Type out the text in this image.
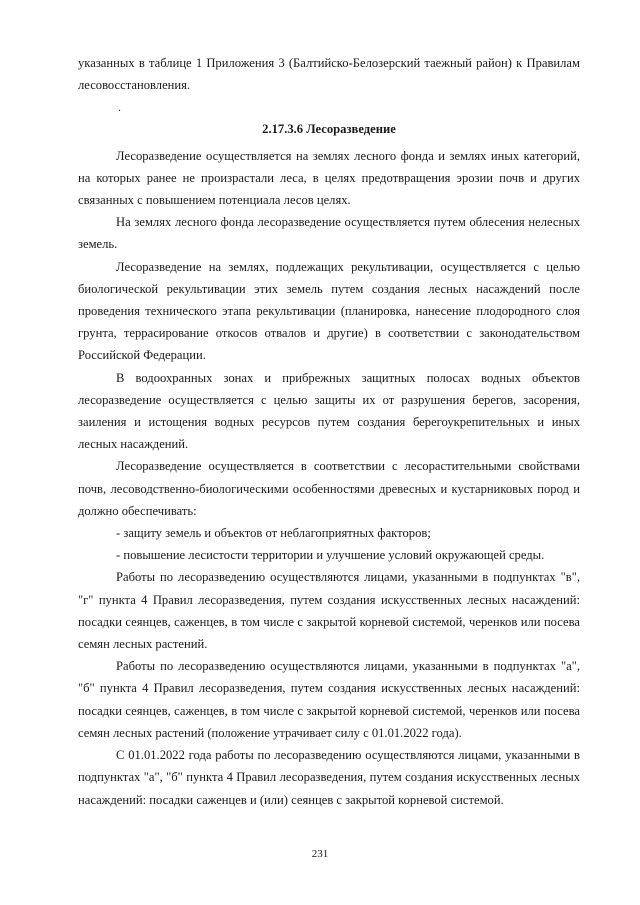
указанных в таблице 1 Приложения 3 (Балтийско-Белозерский таежный район) к Правилам лесовосстановления.

.

2.17.3.6 Лесоразведение

Лесоразведение осуществляется на землях лесного фонда и землях иных категорий, на которых ранее не произрастали леса, в целях предотвращения эрозии почв и других связанных с повышением потенциала лесов целях.

На землях лесного фонда лесоразведение осуществляется путем облесения нелесных земель.

Лесоразведение на землях, подлежащих рекультивации, осуществляется с целью биологической рекультивации этих земель путем создания лесных насаждений после проведения технического этапа рекультивации (планировка, нанесение плодородного слоя грунта, террасирование откосов отвалов и другие) в соответствии с законодательством Российской Федерации.

В водоохранных зонах и прибрежных защитных полосах водных объектов лесоразведение осуществляется с целью защиты их от разрушения берегов, засорения, заиления и истощения водных ресурсов путем создания берегоукрепительных и иных лесных насаждений.

Лесоразведение осуществляется в соответствии с лесорастительными свойствами почв, лесоводственно-биологическими особенностями древесных и кустарниковых пород и должно обеспечивать:

- защиту земель и объектов от неблагоприятных факторов;

- повышение лесистости территории и улучшение условий окружающей среды.

Работы по лесоразведению осуществляются лицами, указанными в подпунктах "в", "г" пункта 4 Правил лесоразведения, путем создания искусственных лесных насаждений: посадки сеянцев, саженцев, в том числе с закрытой корневой системой, черенков или посева семян лесных растений.

Работы по лесоразведению осуществляются лицами, указанными в подпунктах "а", "б" пункта 4 Правил лесоразведения, путем создания искусственных лесных насаждений: посадки сеянцев, саженцев, в том числе с закрытой корневой системой, черенков или посева семян лесных растений (положение утрачивает силу с 01.01.2022 года).

С 01.01.2022 года работы по лесоразведению осуществляются лицами, указанными в подпунктах "а", "б" пункта 4 Правил лесоразведения, путем создания искусственных лесных насаждений: посадки саженцев и (или) сеянцев с закрытой корневой системой.

231
